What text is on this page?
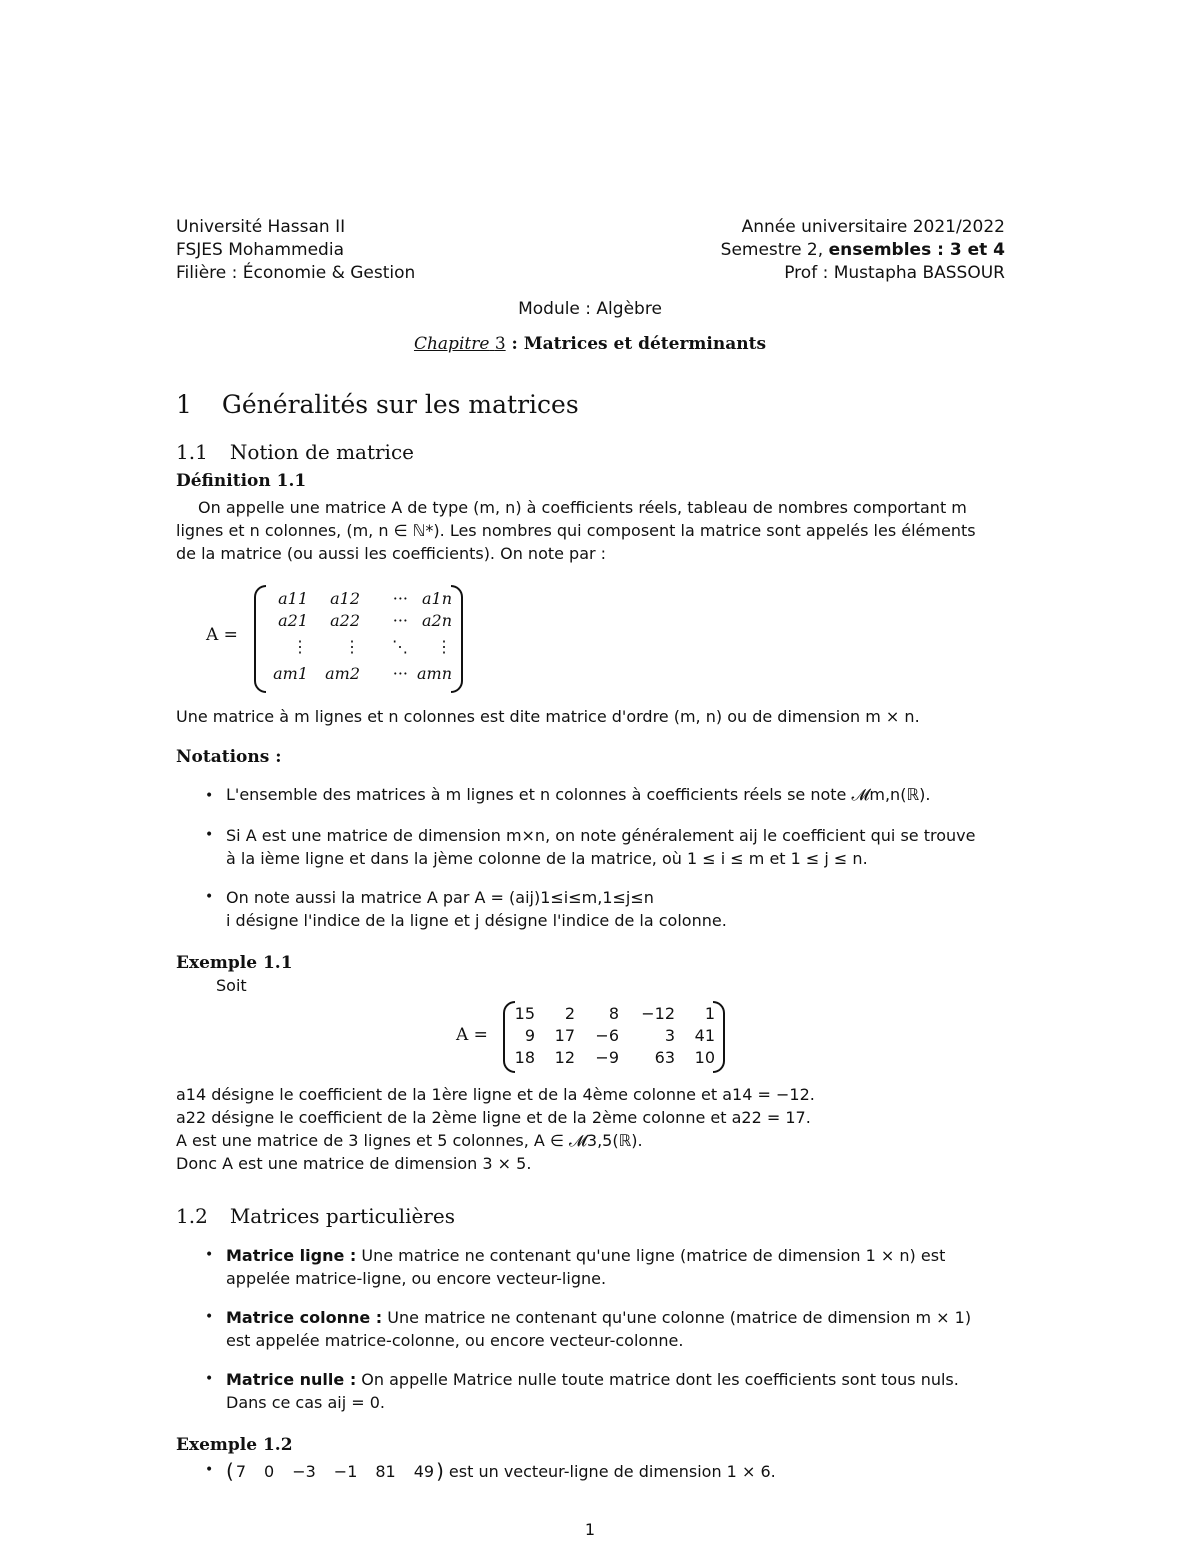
Université Hassan II
FSJES Mohammedia
Filière : Économie & Gestion
Année universitaire 2021/2022
Semestre 2, ensembles : 3 et 4
Prof : Mustapha BASSOUR
Module : Algèbre
Chapitre 3 : Matrices et déterminants
1 Généralités sur les matrices
1.1 Notion de matrice
Définition 1.1
On appelle une matrice A de type (m, n) à coefficients réels, tableau de nombres comportant m
lignes et n colonnes, (m, n ∈ ℕ*). Les nombres qui composent la matrice sont appelés les éléments
de la matrice (ou aussi les coefficients). On note par :
A =
a11 a12 ··· a1n
a21 a22 ··· a2n
⋮ ⋮ ⋱ ⋮
am1 am2 ··· amn
Une matrice à m lignes et n colonnes est dite matrice d'ordre (m, n) ou de dimension m × n.
Notations :
• L'ensemble des matrices à m lignes et n colonnes à coefficients réels se note 𝓜m,n(ℝ).
• Si A est une matrice de dimension m×n, on note généralement aij le coefficient qui se trouve
à la ième ligne et dans la jème colonne de la matrice, où 1 ≤ i ≤ m et 1 ≤ j ≤ n.
• On note aussi la matrice A par A = (aij)1≤i≤m,1≤j≤n
i désigne l'indice de la ligne et j désigne l'indice de la colonne.
Exemple 1.1
Soit
A =
15 2 8 −12 1
9 17 −6	3 41
18 12 −9 63 10
a14 désigne le coefficient de la 1ère ligne et de la 4ème colonne et a14 = −12.
a22 désigne le coefficient de la 2ème ligne et de la 2ème colonne et a22 = 17.
A est une matrice de 3 lignes et 5 colonnes, A ∈ 𝓜3,5(ℝ).
Donc A est une matrice de dimension 3 × 5.
1.2 Matrices particulières
• Matrice ligne : Une matrice ne contenant qu'une ligne (matrice de dimension 1 × n) est
appelée matrice-ligne, ou encore vecteur-ligne.
• Matrice colonne : Une matrice ne contenant qu'une colonne (matrice de dimension m × 1)
est appelée matrice-colonne, ou encore vecteur-colonne.
• Matrice nulle : On appelle Matrice nulle toute matrice dont les coefficients sont tous nuls.
Dans ce cas aij = 0.
Exemple 1.2
• ( 7 0 −3 −1 81 49 ) est un vecteur-ligne de dimension 1 × 6.
1
